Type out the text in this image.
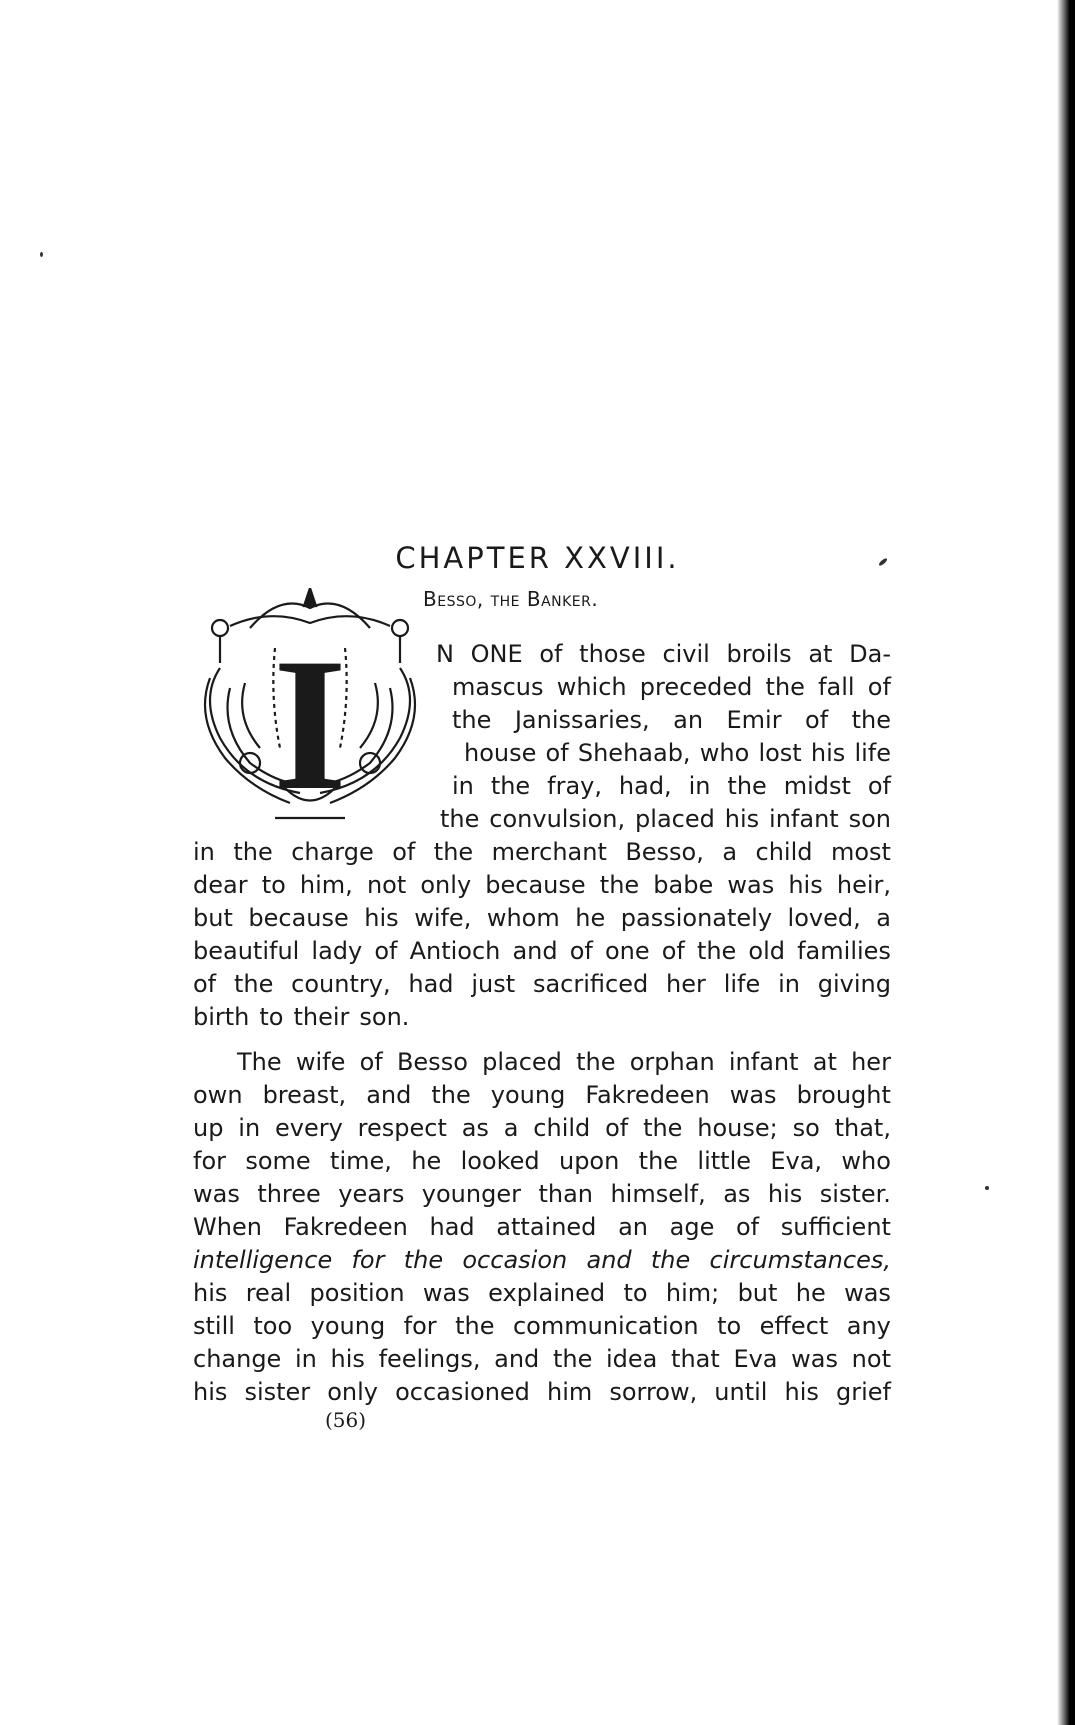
CHAPTER XXVIII.
Besso, the Banker.
I	N ONE of those civil broils at Da-
mascus which preceded the fall of
the Janissaries, an Emir of the
house of Shehaab, who lost his life
in the fray, had, in the midst of
the convulsion, placed his infant son
in the charge of the merchant Besso, a child most
dear to him, not only because the babe was his heir,
but because his wife, whom he passionately loved, a
beautiful lady of Antioch and of one of the old families
of the country, had just sacrificed her life in giving
birth to their son.
The wife of Besso placed the orphan infant at her
own breast, and the young Fakredeen was brought
up in every respect as a child of the house; so that,
for some time, he looked upon the little Eva, who
was three years younger than himself, as his sister.
When Fakredeen had attained an age of sufficient
intelligence for the occasion and the circumstances,
his real position was explained to him; but he was
still too young for the communication to effect any
change in his feelings, and the idea that Eva was not
his sister only occasioned him sorrow, until his grief
(56)
